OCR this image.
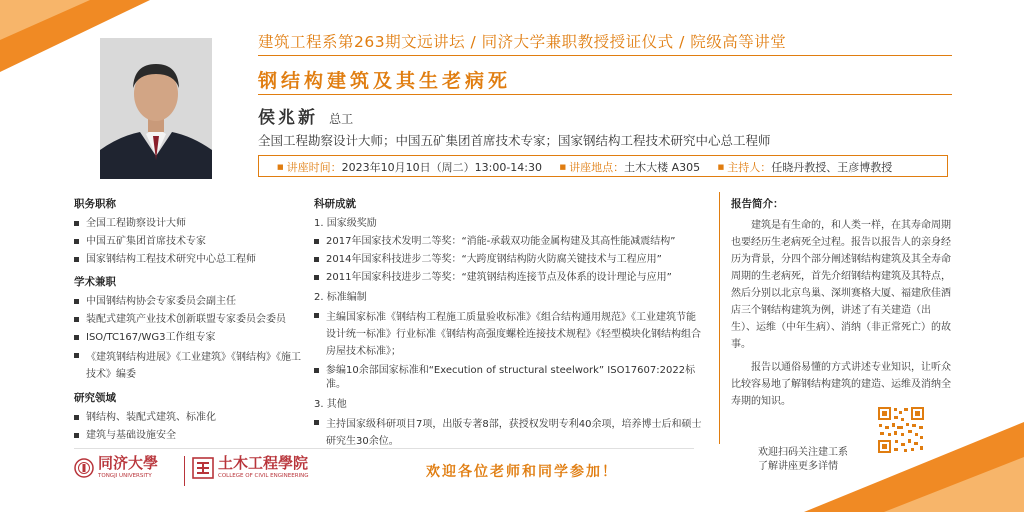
建筑工程系第263期文远讲坛 / 同济大学兼职教授授证仪式 / 院级高等讲堂
钢结构建筑及其生老病死
侯兆新 总工
全国工程勘察设计大师；中国五矿集团首席技术专家；国家钢结构工程技术研究中心总工程师
■ 讲座时间：2023年10月10日（周二）13:00-14:30	■ 讲座地点：土木大楼 A305	■ 主持人：任晓丹教授、王彦博教授
职务职称
全国工程勘察设计大师
中国五矿集团首席技术专家
国家钢结构工程技术研究中心总工程师
学术兼职
中国钢结构协会专家委员会副主任
装配式建筑产业技术创新联盟专家委员会委员
ISO/TC167/WG3工作组专家
《建筑钢结构进展》《工业建筑》《钢结构》《施工技术》编委
研究领域
钢结构、装配式建筑、标准化
建筑与基础设施安全
科研成就
1. 国家级奖励
2017年国家技术发明二等奖：“消能-承载双功能金属构建及其高性能减震结构”
2014年国家科技进步二等奖：“大跨度钢结构防火防腐关键技术与工程应用”
2011年国家科技进步二等奖：“建筑钢结构连接节点及体系的设计理论与应用”
2. 标准编制
主编国家标准《钢结构工程施工质量验收标准》《组合结构通用规范》《工业建筑节能设计统一标准》行业标准《钢结构高强度螺栓连接技术规程》《轻型模块化钢结构组合房屋技术标准》；
参编10余部国家标准和“Execution of structural steelwork” ISO17607:2022标准。
3. 其他
主持国家级科研项目7项，出版专著8部，获授权发明专利40余项，培养博士后和硕士研究生30余位。
报告简介：

建筑是有生命的，和人类一样，在其寿命周期也要经历生老病死全过程。报告以报告人的亲身经历为背景，分四个部分阐述钢结构建筑及其全寿命周期的生老病死，首先介绍钢结构建筑及其特点，然后分别以北京鸟巢、深圳赛格大厦、福建欣佳酒店三个钢结构建筑为例，讲述了有关建造（出生）、运维（中年生病）、消纳（非正常死亡）的故事。

报告以通俗易懂的方式讲述专业知识，让听众比较容易地了解钢结构建筑的建造、运维及消纳全寿期的知识。

欢迎扫码关注建工系
了解讲座更多详情
同济大學
TONGJI UNIVERSITY
土木工程學院
COLLEGE OF CIVIL ENGINEERING	欢迎各位老师和同学参加！
